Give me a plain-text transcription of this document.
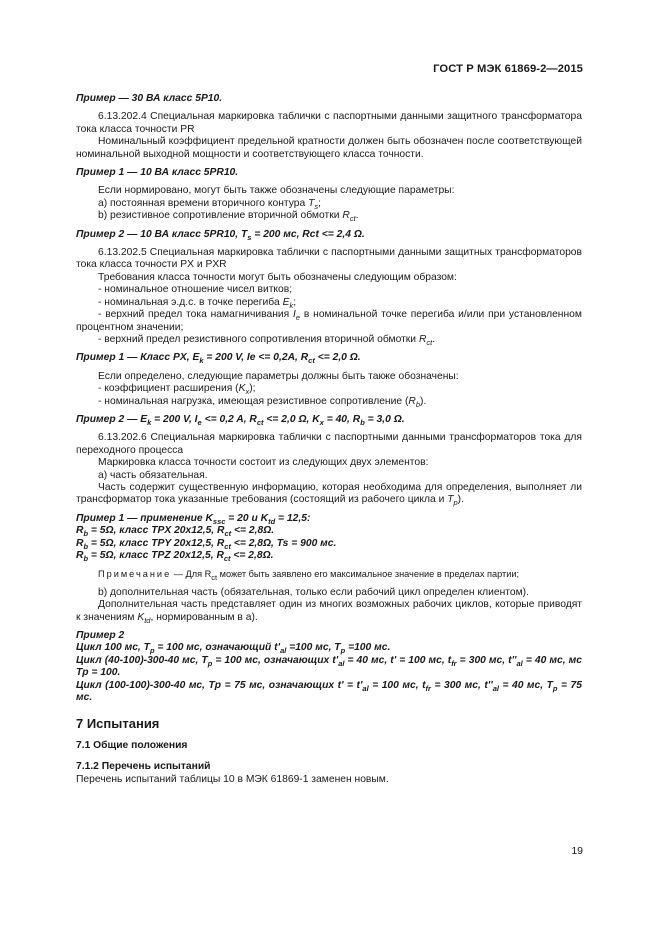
ГОСТ Р МЭК 61869-2—2015

Пример — 30 ВА класс 5P10.

6.13.202.4 Специальная маркировка таблички с паспортными данными защитного трансформатора тока класса точности PR

Номинальный коэффициент предельной кратности должен быть обозначен после соответствующей номинальной выходной мощности и соответствующего класса точности.

Пример 1 — 10 ВА класс 5PR10.

Если нормировано, могут быть также обозначены следующие параметры:

а) постоянная времени вторичного контура $T_s$;

b) резистивное сопротивление вторичной обмотки $R_{ct}$.

Пример 2 — 10 ВА класс 5PR10, $T_s = 200$ мс, Rct <= 2,4 Ω.

6.13.202.5 Специальная маркировка таблички с паспортными данными защитных трансформаторов тока класса точности PX и PXR

Требования класса точности могут быть обозначены следующим образом:

- номинальное отношение чисел витков;

- номинальная э.д.с. в точке перегиба $E_k$;

- верхний предел тока намагничивания $I_e$ в номинальной точке перегиба и/или при установленном процентном значении;

- верхний предел резистивного сопротивления вторичной обмотки $R_{ct}$.

Пример 1 — Класс PX, $E_k = 200$ V, Ie <= 0,2A, $R_{ct} <= 2,0$ Ω.

Если определено, следующие параметры должны быть также обозначены:

- коэффициент расширения $(K_x)$;

- номинальная нагрузка, имеющая резистивное сопротивление $(R_b)$.

Пример 2 — $E_k = 200$ V, $I_e <= 0,2$ A, $R_{ct} <= 2,0$ Ω, $K_x = 40$, $R_b = 3,0$ Ω.

6.13.202.6 Специальная маркировка таблички с паспортными данными трансформаторов тока для переходного процесса

Маркировка класса точности состоит из следующих двух элементов:

а) часть обязательная.

Часть содержит существенную информацию, которая необходима для определения, выполняет ли трансформатор тока указанные требования (состоящий из рабочего цикла и $T_p$).

Пример 1 — применение $K_{ssc} = 20$ и $K_{td} = 12,5$:

$R_b = 5\Omega$, класс TPX 20x12,5, $R_{ct} <= 2,8\Omega$.

$R_b = 5\Omega$, класс TPY 20x12,5, $R_{ct} <= 2,8\Omega$, Ts = 900 мс.

$R_b = 5\Omega$, класс TPZ 20x12,5, $R_{ct} <= 2,8\Omega$.

Примечание — Для $R_{ct}$ может быть заявлено его максимальное значение в пределах партии;

b) дополнительная часть (обязательная, только если рабочий цикл определен клиентом).

Дополнительная часть представляет один из многих возможных рабочих циклов, которые приводят к значениям $K_{td}$, нормированным в а).

Пример 2

Цикл 100 мс, $T_p = 100$ мс, означающий $t'_{al} =100$ мс, $T_p =100$ мс.

Цикл (40-100)-300-40 мс, $T_p = 100$ мс, означающих $t'_{al} = 40$ мс, t' = 100 мс, $t_{fr} = 300$ мс, $t''_{al} = 40$ мс, мс Tp = 100.

Цикл (100-100)-300-40 мс, Tp = 75 мс, означающих $t' = t'_{al} = 100$ мс, $t_{fr} = 300$ мс, $t''_{al} = 40$ мс, $T_p = 75$ мс.

7 Испытания

7.1 Общие положения

7.1.2 Перечень испытаний

Перечень испытаний таблицы 10 в МЭК 61869-1 заменен новым.

19
